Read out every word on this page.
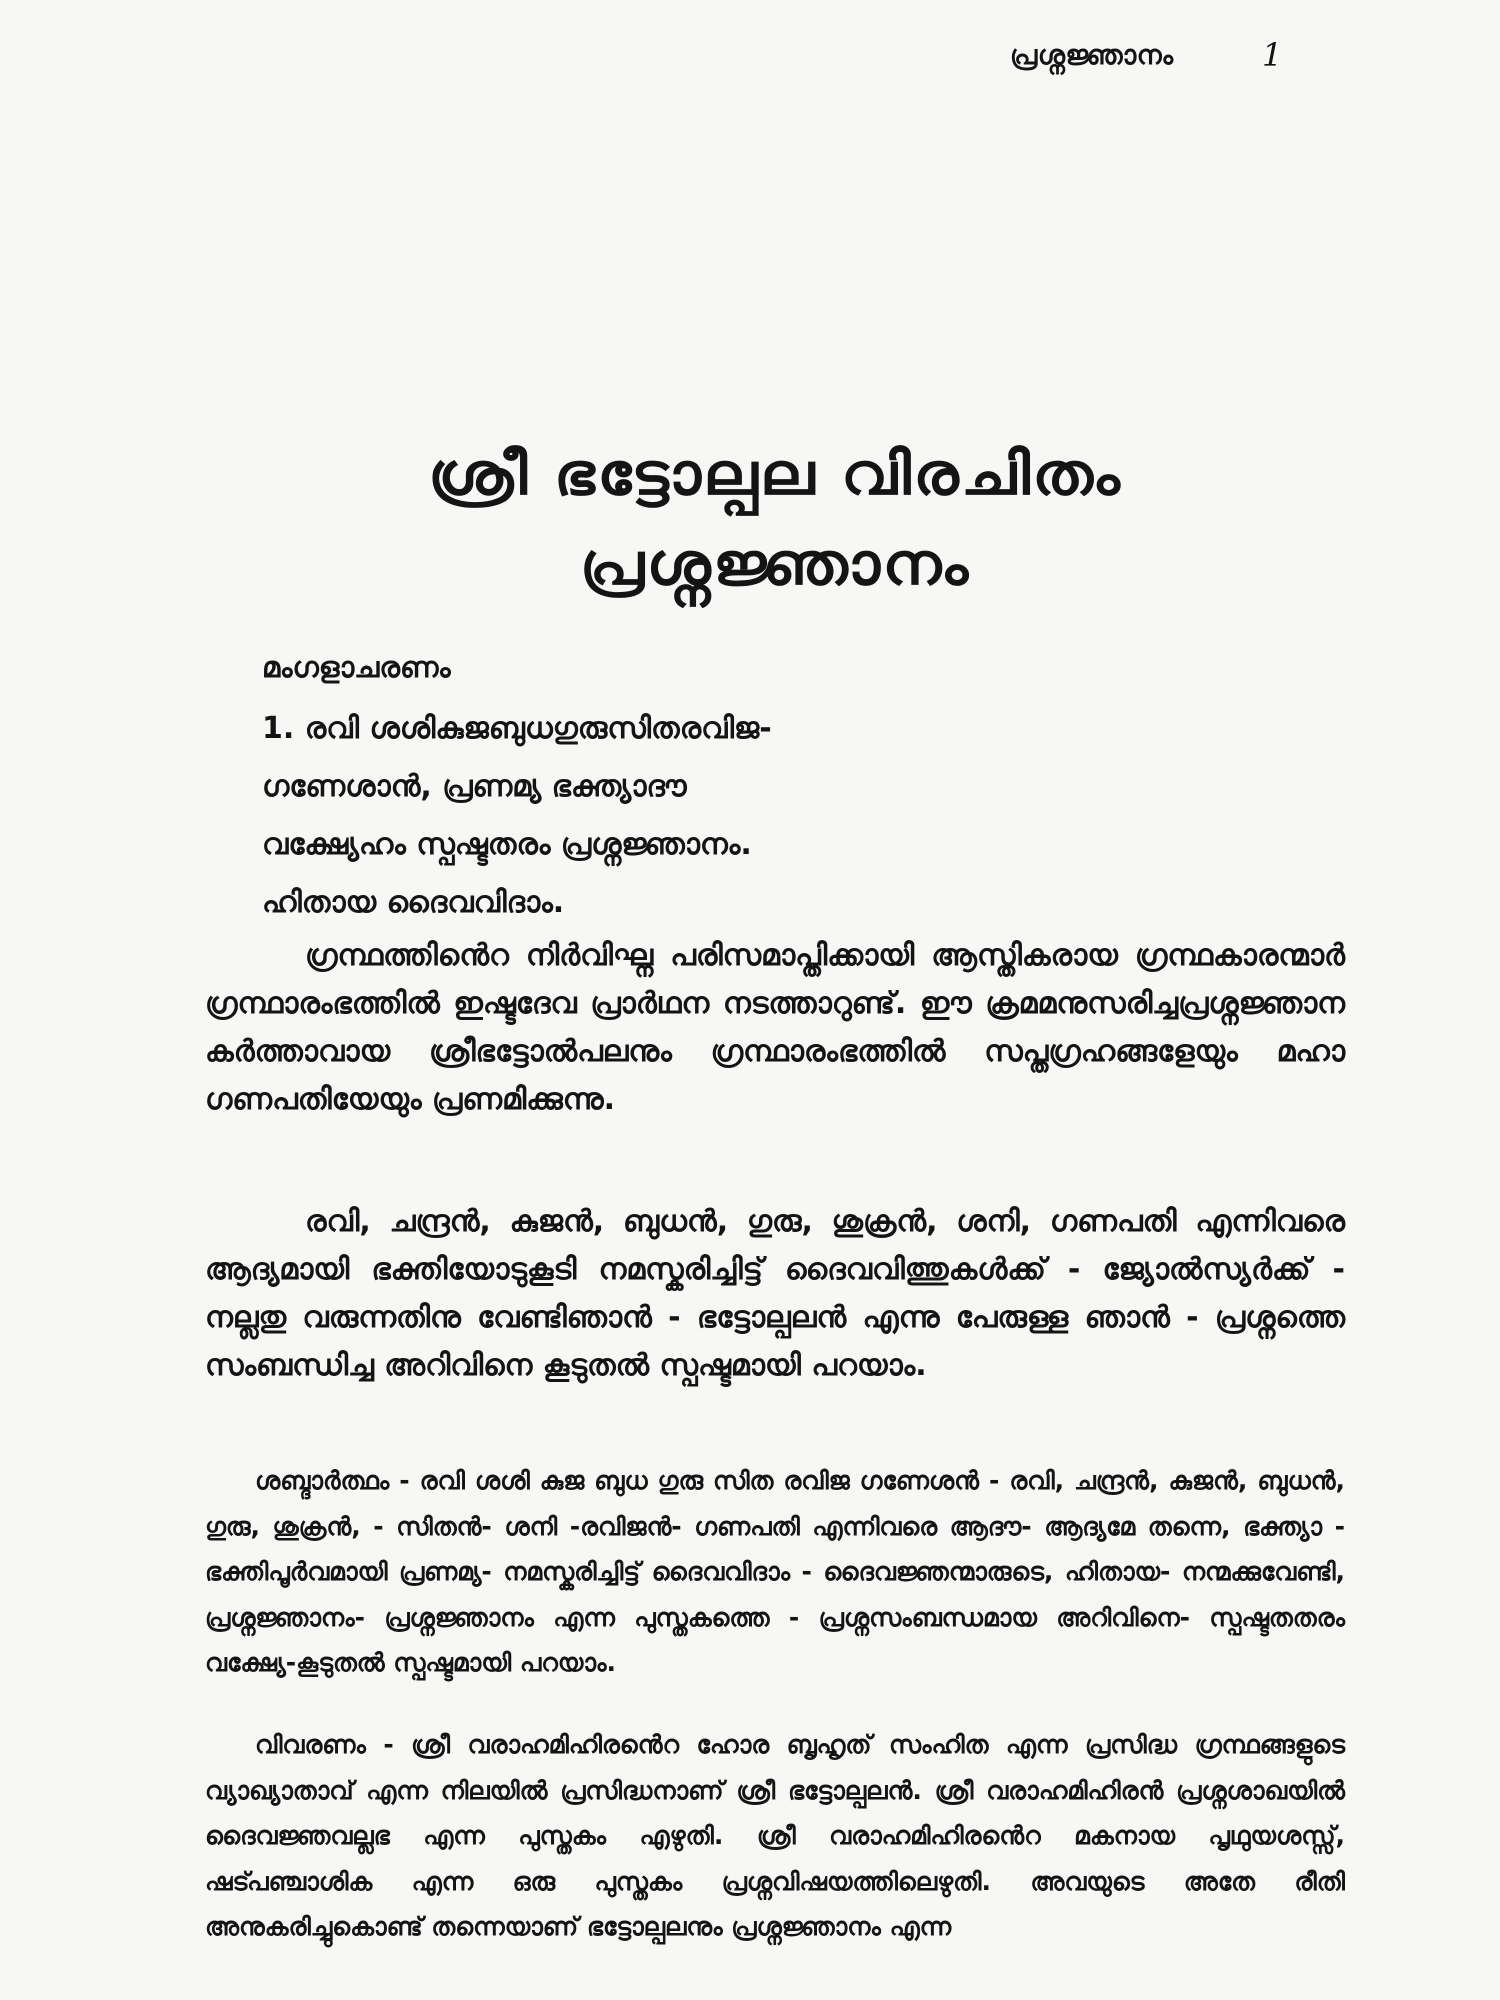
പ്രശ്നജ്ഞാനം	1
ശ്രീ ഭട്ടോല്പല വിരചിതം
പ്രശ്നജ്ഞാനം
മംഗളാചരണം

1. രവി ശശികുജബുധഗുരുസിതരവിജ-

ഗണേശാൻ, പ്രണമ്യ ഭക്ത്യാദൗ

വക്ഷ്യേഹം സ്പഷ്ടതരം പ്രശ്നജ്ഞാനം.

ഹിതായ ദൈവവിദാം.

ഗ്രന്ഥത്തിൻെറ നിർവിഘ്ന പരിസമാപ്തിക്കായി ആസ്തികരായ ഗ്രന്ഥകാരന്മാർ ഗ്രന്ഥാരംഭത്തിൽ ഇഷ്ടദേവ പ്രാർഥന നടത്താറുണ്ട്. ഈ ക്രമമനുസരിച്ചപ്രശ്നജ്ഞാന കർത്താവായ ശ്രീഭട്ടോൽപലനും ഗ്രന്ഥാരംഭത്തിൽ സപ്തഗ്രഹങ്ങളേയും മഹാ ഗണപതിയേയും പ്രണമിക്കുന്നു.

രവി, ചന്ദ്രൻ, കുജൻ, ബുധൻ, ഗുരു, ശുക്രൻ, ശനി, ഗണപതി എന്നിവരെ ആദ്യമായി ഭക്തിയോടുകൂടി നമസ്കരിച്ചിട്ട് ദൈവവിത്തുകൾക്ക് - ജ്യോൽസ്യർക്ക് - നല്ലതു വരുന്നതിനു വേണ്ടിഞാൻ - ഭട്ടോല്പലൻ എന്നു പേരുള്ള ഞാൻ - പ്രശ്നത്തെ സംബന്ധിച്ച അറിവിനെ കൂടുതൽ സ്പഷ്ടമായി പറയാം.

ശബ്ദാർത്ഥം - രവി ശശി കുജ ബുധ ഗുരു സിത രവിജ ഗണേശൻ - രവി, ചന്ദ്രൻ, കുജൻ, ബുധൻ, ഗുരു, ശുക്രൻ, - സിതൻ- ശനി -രവിജൻ- ഗണപതി എന്നിവരെ ആദൗ- ആദ്യമേ തന്നെ, ഭക്ത്യാ - ഭക്തിപൂർവമായി പ്രണമ്യ- നമസ്കരിച്ചിട്ട് ദൈവവിദാം - ദൈവജ്ഞന്മാരുടെ, ഹിതായ- നന്മക്കുവേണ്ടി, പ്രശ്നജ്ഞാനം- പ്രശ്നജ്ഞാനം എന്ന പുസ്തകത്തെ - പ്രശ്നസംബന്ധമായ അറിവിനെ- സ്പഷ്ടതതരം വക്ഷ്യേ-കൂടുതൽ സ്പഷ്ടമായി പറയാം.

വിവരണം - ശ്രീ വരാഹമിഹിരൻെറ ഹോര ബൃഹൃത് സംഹിത എന്ന പ്രസിദ്ധ ഗ്രന്ഥങ്ങളുടെ വ്യാഖ്യാതാവ് എന്ന നിലയിൽ പ്രസിദ്ധനാണ് ശ്രീ ഭട്ടോല്പലൻ. ശ്രീ വരാഹമിഹിരൻ പ്രശ്നശാഖയിൽ ദൈവജ്ഞവല്ലഭ എന്ന പുസ്തകം എഴുതി. ശ്രീ വരാഹമിഹിരൻെറ മകനായ പൃഥുയശസ്സ്, ഷട്പഞ്ചാശിക എന്ന ഒരു പുസ്തകം പ്രശ്നവിഷയത്തിലെഴുതി. അവയുടെ അതേ രീതി അനുകരിച്ചുകൊണ്ട് തന്നെയാണ് ഭട്ടോല്പലനും പ്രശ്നജ്ഞാനം എന്ന
